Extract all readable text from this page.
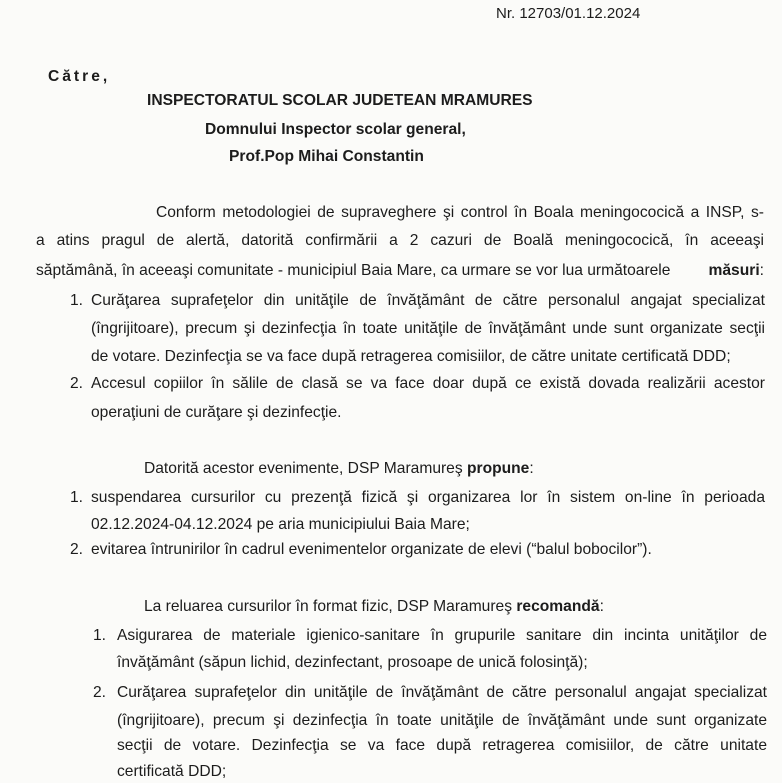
Nr. 12703/01.12.2024
Către,
INSPECTORATUL SCOLAR JUDETEAN MRAMURES
Domnului Inspector scolar general,
Prof.Pop Mihai Constantin
Conform metodologiei de supraveghere şi control în Boala meningococică a INSP, s-
a atins pragul de alertă, datorită confirmării a 2 cazuri de Boală meningococică, în aceeaşi
săptămână, în aceeaşi comunitate - municipiul Baia Mare, ca urmare se vor lua următoarele măsuri:
1. Curăţarea suprafeţelor din unităţile de învăţământ de către personalul angajat specializat
(îngrijitoare), precum şi dezinfecţia în toate unităţile de învăţământ unde sunt organizate secţii
de votare. Dezinfecţia se va face după retragerea comisiilor, de către unitate certificată DDD;
2. Accesul copiilor în sălile de clasă se va face doar după ce există dovada realizării acestor
operaţiuni de curăţare şi dezinfecţie.
Datorită acestor evenimente, DSP Maramureş propune:
1. suspendarea cursurilor cu prezenţă fizică şi organizarea lor în sistem on-line în perioada
02.12.2024-04.12.2024 pe aria municipiului Baia Mare;
2. evitarea întrunirilor în cadrul evenimentelor organizate de elevi (“balul bobocilor”).
La reluarea cursurilor în format fizic, DSP Maramureş recomandă:
1. Asigurarea de materiale igienico-sanitare în grupurile sanitare din incinta unităţilor de
învăţământ (săpun lichid, dezinfectant, prosoape de unică folosinţă);
2. Curăţarea suprafeţelor din unităţile de învăţământ de către personalul angajat specializat
(îngrijitoare), precum şi dezinfecţia în toate unităţile de învăţământ unde sunt organizate
secţii de votare. Dezinfecţia se va face după retragerea comisiilor, de către unitate
certificată DDD;
